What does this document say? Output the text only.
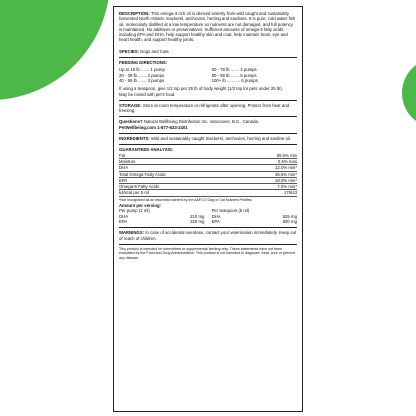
DESCRIPTION: This omega-3 rich oil is derived entirely from wild caught and sustainably harvested North Atlantic mackerel, anchovies, herring and sardines. It is pure, cold water fish oil, molecularly distilled at a low temperature so nutrients are not damaged, and full potency is maintained. No additives or preservatives. Sufficient amounts of omega-3 fatty acids, including EPA and DHA, help support healthy skin and coat, help maintain brain, eye and heart health, and support healthy joints.
SPECIES: Dogs and Cats
FEEDING DIRECTIONS:
Up to 19 lb ....... 1 pump
20 - 39 lb ....... 2 pumps
40 - 59 lb ....... 3 pumps
60 - 79 lb ....... 4 pumps
80 - 99 lb ....... 5 pumps
100+ lb ........... 6 pumps
If using a teaspoon, give 1/2 tsp per 25 lb of body weight (1/2 tsp for pets under 25 lb).
May be mixed with pet's food.
STORAGE: Store at room temperature or refrigerate after opening. Protect from heat and freezing.
Questions? Natural Wellbeing Distribution Inc. Vancouver, B.C., Canada.
PetWellbeing.com 1-877-633-2401
INGREDIENTS: Wild and sustainably caught mackerel, anchovies, herring and sardine oil.
GUARANTEED ANALYSIS:
Fat	99.5% min
Moisture	0.5% max
DHA	12.0% min*
Total Omega Fatty Acids	35.5% min*
EPA	18.0% min*
Omega-6 Fatty Acids	7.0% min*
kJ/kcal per 5 ml	178/43
*Not recognized as an essential nutrient by the AAFCO Dog or Cat Nutrient Profiles.
Amount per serving:
Per pump (2 ml)
DHA	210 mg
EPA	320 mg
Per teaspoon (5 ml)
DHA	525 mg
EPA	800 mg
WARNINGS: In case of accidental overdose, contact your veterinarian immediately. Keep out of reach of children.
This product is intended for intermittent or supplemental feeding only. These statements have not been evaluated by the Food and Drug Administration. This product is not intended to diagnose, treat, cure or prevent any disease.
